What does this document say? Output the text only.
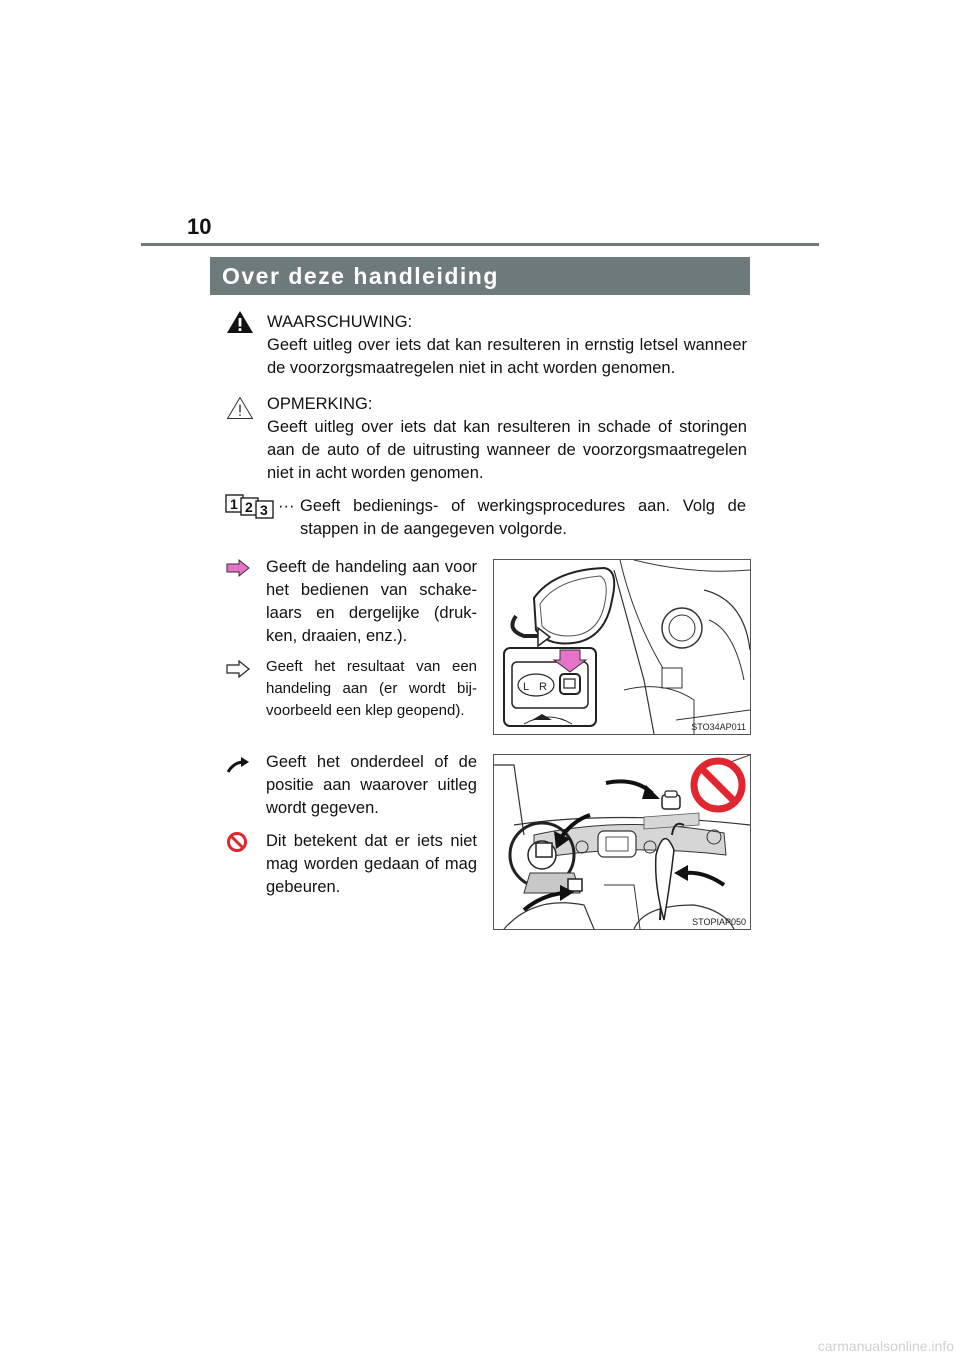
10
Over deze handleiding
WAARSCHUWING:
Geeft uitleg over iets dat kan resulteren in ernstig letsel wanneer de voorzorgsmaatregelen niet in acht worden genomen.
OPMERKING:
Geeft uitleg over iets dat kan resulteren in schade of storingen aan de auto of de uitrusting wanneer de voorzorgsmaatregelen niet in acht worden genomen.
1 2 3 ··· Geeft bedienings- of werkingsprocedures aan. Volg de stappen in de aangegeven volgorde.
Geeft de handeling aan voor het bedienen van schake-laars en dergelijke (druk-ken, draaien, enz.).
Geeft het resultaat van een handeling aan (er wordt bij-voorbeeld een klep geopend).
L R
STO34AP011
Geeft het onderdeel of de positie aan waarover uitleg wordt gegeven.
Dit betekent dat er iets niet mag worden gedaan of mag gebeuren.
STOPIAP050
carmanualsonline.info
